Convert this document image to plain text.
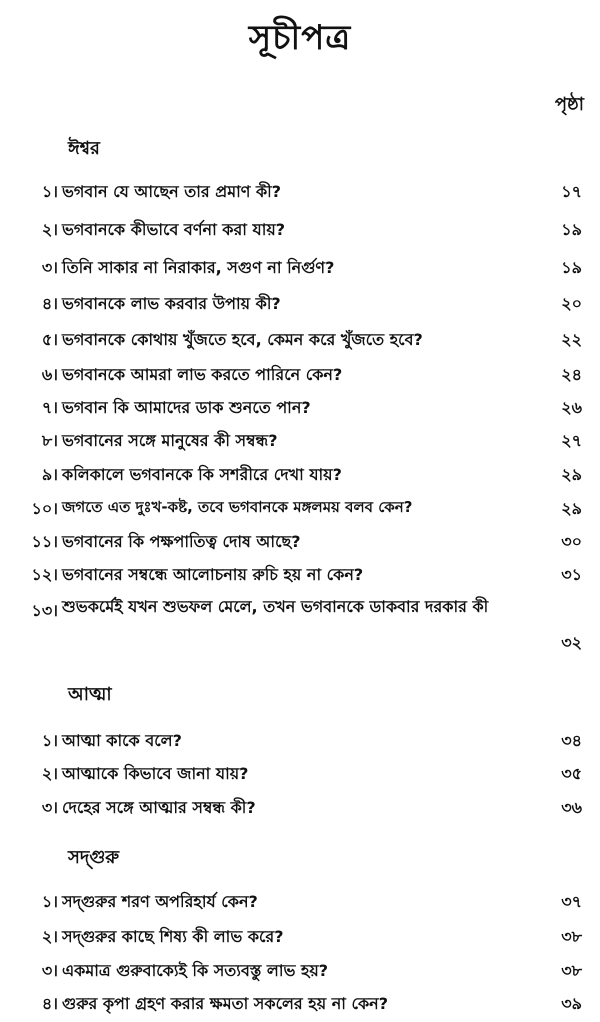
সূচীপত্র
পৃষ্ঠা
ঈশ্বর
১। ভগবান যে আছেন তার প্রমাণ কী?	১৭
২। ভগবানকে কীভাবে বর্ণনা করা যায়?	১৯
৩। তিনি সাকার না নিরাকার, সগুণ না নির্গুণ?	১৯
৪। ভগবানকে লাভ করবার উপায় কী?	২০
৫। ভগবানকে কোথায় খুঁজতে হবে, কেমন করে খুঁজতে হবে?	২২
৬। ভগবানকে আমরা লাভ করতে পারিনে কেন?	২৪
৭। ভগবান কি আমাদের ডাক শুনতে পান?	২৬
৮। ভগবানের সঙ্গে মানুষের কী সম্বন্ধ?	২৭
৯। কলিকালে ভগবানকে কি সশরীরে দেখা যায়?	২৯
১০। জগতে এত দুঃখ-কষ্ট, তবে ভগবানকে মঙ্গলময় বলব কেন?	২৯
১১। ভগবানের কি পক্ষপাতিত্ব দোষ আছে?	৩০
১২। ভগবানের সম্বন্ধে আলোচনায় রুচি হয় না কেন?	৩১
১৩। শুভকর্মেই যখন শুভফল মেলে, তখন ভগবানকে ডাকবার দরকার কী
৩২
আত্মা
১। আত্মা কাকে বলে?	৩৪
২। আত্মাকে কিভাবে জানা যায়?	৩৫
৩। দেহের সঙ্গে আত্মার সম্বন্ধ কী?	৩৬
সদ্‌গুরু
১। সদ্‌গুরুর শরণ অপরিহার্য কেন?	৩৭
২। সদ্‌গুরুর কাছে শিষ্য কী লাভ করে?	৩৮
৩। একমাত্র গুরুবাক্যেই কি সত্যবস্তু লাভ হয়?	৩৮
৪। গুরুর কৃপা গ্রহণ করার ক্ষমতা সকলের হয় না কেন?	৩৯
